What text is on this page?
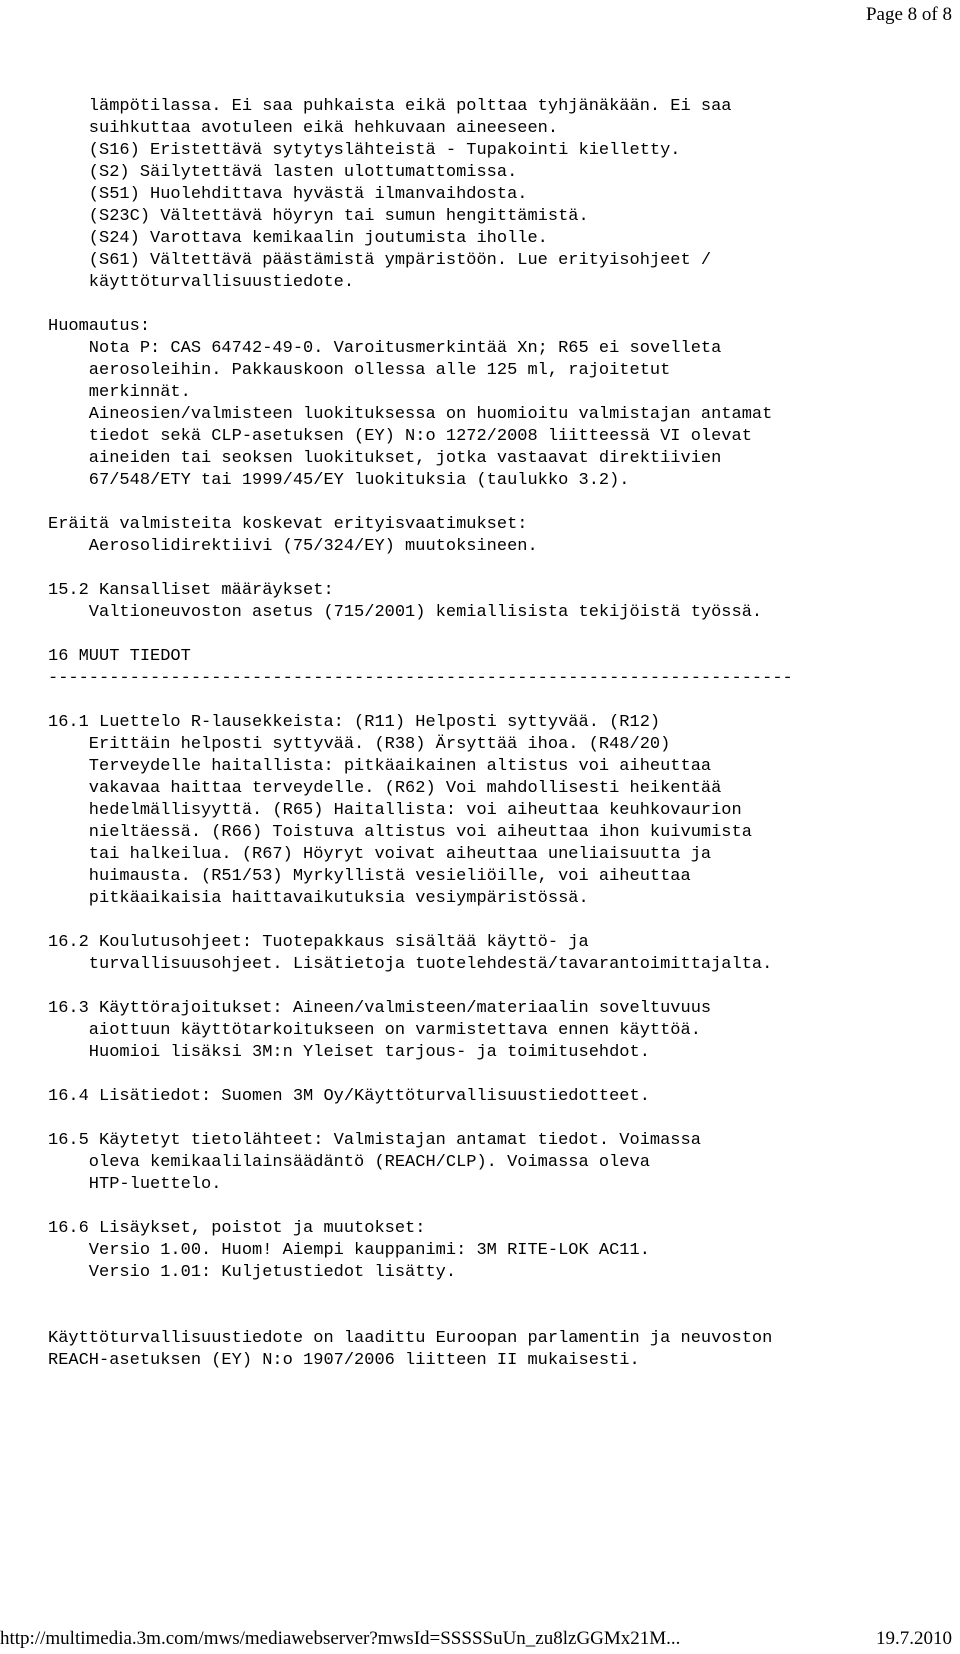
Page 8 of 8
lämpötilassa. Ei saa puhkaista eikä polttaa tyhjänäkään. Ei saa
suihkuttaa avotuleen eikä hehkuvaan aineeseen.
(S16) Eristettävä sytytyslähteistä - Tupakointi kielletty.
(S2) Säilytettävä lasten ulottumattomissa.
(S51) Huolehdittava hyvästä ilmanvaihdosta.
(S23C) Vältettävä höyryn tai sumun hengittämistä.
(S24) Varottava kemikaalin joutumista iholle.
(S61) Vältettävä päästämistä ympäristöön. Lue erityisohjeet /
käyttöturvallisuustiedote.

Huomautus:
Nota P: CAS 64742-49-0. Varoitusmerkintää Xn; R65 ei sovelleta
aerosoleihin. Pakkauskoon ollessa alle 125 ml, rajoitetut
merkinnät.
Aineosien/valmisteen luokituksessa on huomioitu valmistajan antamat
tiedot sekä CLP-asetuksen (EY) N:o 1272/2008 liitteessä VI olevat
aineiden tai seoksen luokitukset, jotka vastaavat direktiivien
67/548/ETY tai 1999/45/EY luokituksia (taulukko 3.2).

Eräitä valmisteita koskevat erityisvaatimukset:
Aerosolidirektiivi (75/324/EY) muutoksineen.

15.2 Kansalliset määräykset:
Valtioneuvoston asetus (715/2001) kemiallisista tekijöistä työssä.

16 MUUT TIEDOT
-------------------------------------------------------------------------

16.1 Luettelo R-lausekkeista: (R11) Helposti syttyvää. (R12)
Erittäin helposti syttyvää. (R38) Ärsyttää ihoa. (R48/20)
Terveydelle haitallista: pitkäaikainen altistus voi aiheuttaa
vakavaa haittaa terveydelle. (R62) Voi mahdollisesti heikentää
hedelmällisyyttä. (R65) Haitallista: voi aiheuttaa keuhkovaurion
nieltäessä. (R66) Toistuva altistus voi aiheuttaa ihon kuivumista
tai halkeilua. (R67) Höyryt voivat aiheuttaa uneliaisuutta ja
huimausta. (R51/53) Myrkyllistä vesieliöille, voi aiheuttaa
pitkäaikaisia haittavaikutuksia vesiympäristössä.

16.2 Koulutusohjeet: Tuotepakkaus sisältää käyttö- ja
turvallisuusohjeet. Lisätietoja tuotelehdestä/tavarantoimittajalta.

16.3 Käyttörajoitukset: Aineen/valmisteen/materiaalin soveltuvuus
aiottuun käyttötarkoitukseen on varmistettava ennen käyttöä.
Huomioi lisäksi 3M:n Yleiset tarjous- ja toimitusehdot.

16.4 Lisätiedot: Suomen 3M Oy/Käyttöturvallisuustiedotteet.

16.5 Käytetyt tietolähteet: Valmistajan antamat tiedot. Voimassa
oleva kemikaalilainsäädäntö (REACH/CLP). Voimassa oleva
HTP-luettelo.

16.6 Lisäykset, poistot ja muutokset:
Versio 1.00. Huom! Aiempi kauppanimi: 3M RITE-LOK AC11.
Versio 1.01: Kuljetustiedot lisätty.

Käyttöturvallisuustiedote on laadittu Euroopan parlamentin ja neuvoston
REACH-asetuksen (EY) N:o 1907/2006 liitteen II mukaisesti.
http://multimedia.3m.com/mws/mediawebserver?mwsId=SSSSSuUn_zu8lzGGMx21M...	19.7.2010
